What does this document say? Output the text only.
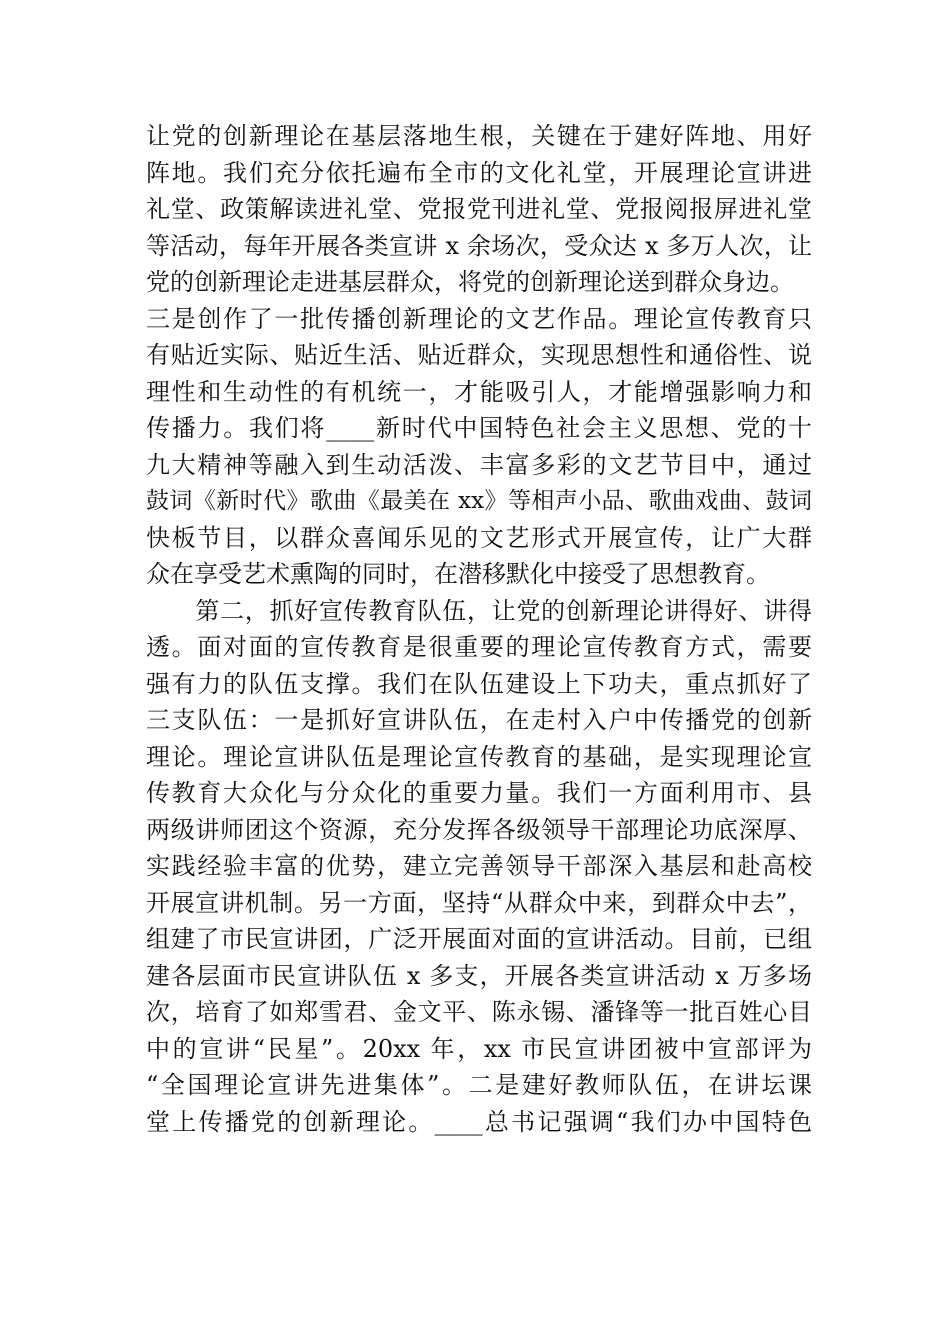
让党的创新理论在基层落地生根，关键在于建好阵地、用好
阵地。我们充分依托遍布全市的文化礼堂，开展理论宣讲进
礼堂、政策解读进礼堂、党报党刊进礼堂、党报阅报屏进礼堂
等活动，每年开展各类宣讲 x 余场次，受众达 x 多万人次，让
党的创新理论走进基层群众，将党的创新理论送到群众身边。
三是创作了一批传播创新理论的文艺作品。理论宣传教育只
有贴近实际、贴近生活、贴近群众，实现思想性和通俗性、说
理性和生动性的有机统一，才能吸引人，才能增强影响力和
传播力。我们将____新时代中国特色社会主义思想、党的十
九大精神等融入到生动活泼、丰富多彩的文艺节目中，通过
鼓词《新时代》歌曲《最美在 xx》等相声小品、歌曲戏曲、鼓词
快板节目，以群众喜闻乐见的文艺形式开展宣传，让广大群
众在享受艺术熏陶的同时，在潜移默化中接受了思想教育。
　　第二，抓好宣传教育队伍，让党的创新理论讲得好、讲得
透。面对面的宣传教育是很重要的理论宣传教育方式，需要
强有力的队伍支撑。我们在队伍建设上下功夫，重点抓好了
三支队伍：一是抓好宣讲队伍，在走村入户中传播党的创新
理论。理论宣讲队伍是理论宣传教育的基础，是实现理论宣
传教育大众化与分众化的重要力量。我们一方面利用市、县
两级讲师团这个资源，充分发挥各级领导干部理论功底深厚、
实践经验丰富的优势，建立完善领导干部深入基层和赴高校
开展宣讲机制。另一方面，坚持“从群众中来，到群众中去”，
组建了市民宣讲团，广泛开展面对面的宣讲活动。目前，已组
建各层面市民宣讲队伍 x 多支，开展各类宣讲活动 x 万多场
次，培育了如郑雪君、金文平、陈永锡、潘锋等一批百姓心目
中的宣讲“民星”。20xx 年，xx 市民宣讲团被中宣部评为
“全国理论宣讲先进集体”。二是建好教师队伍，在讲坛课
堂上传播党的创新理论。____总书记强调“我们办中国特色
